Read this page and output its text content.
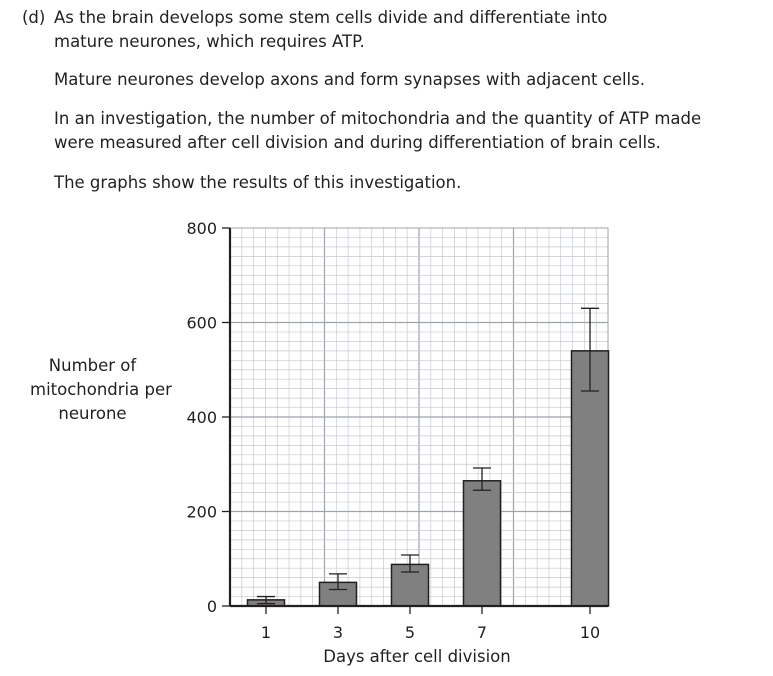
(d) As the brain develops some stem cells divide and differentiate into
mature neurones, which requires ATP.
Mature neurones develop axons and form synapses with adjacent cells.
In an investigation, the number of mitochondria and the quantity of ATP made
were measured after cell division and during differentiation of brain cells.
The graphs show the results of this investigation.
Number of
mitochondria per
neurone
0
200
400
600
800
1	3	5	7	10
Days after cell division
